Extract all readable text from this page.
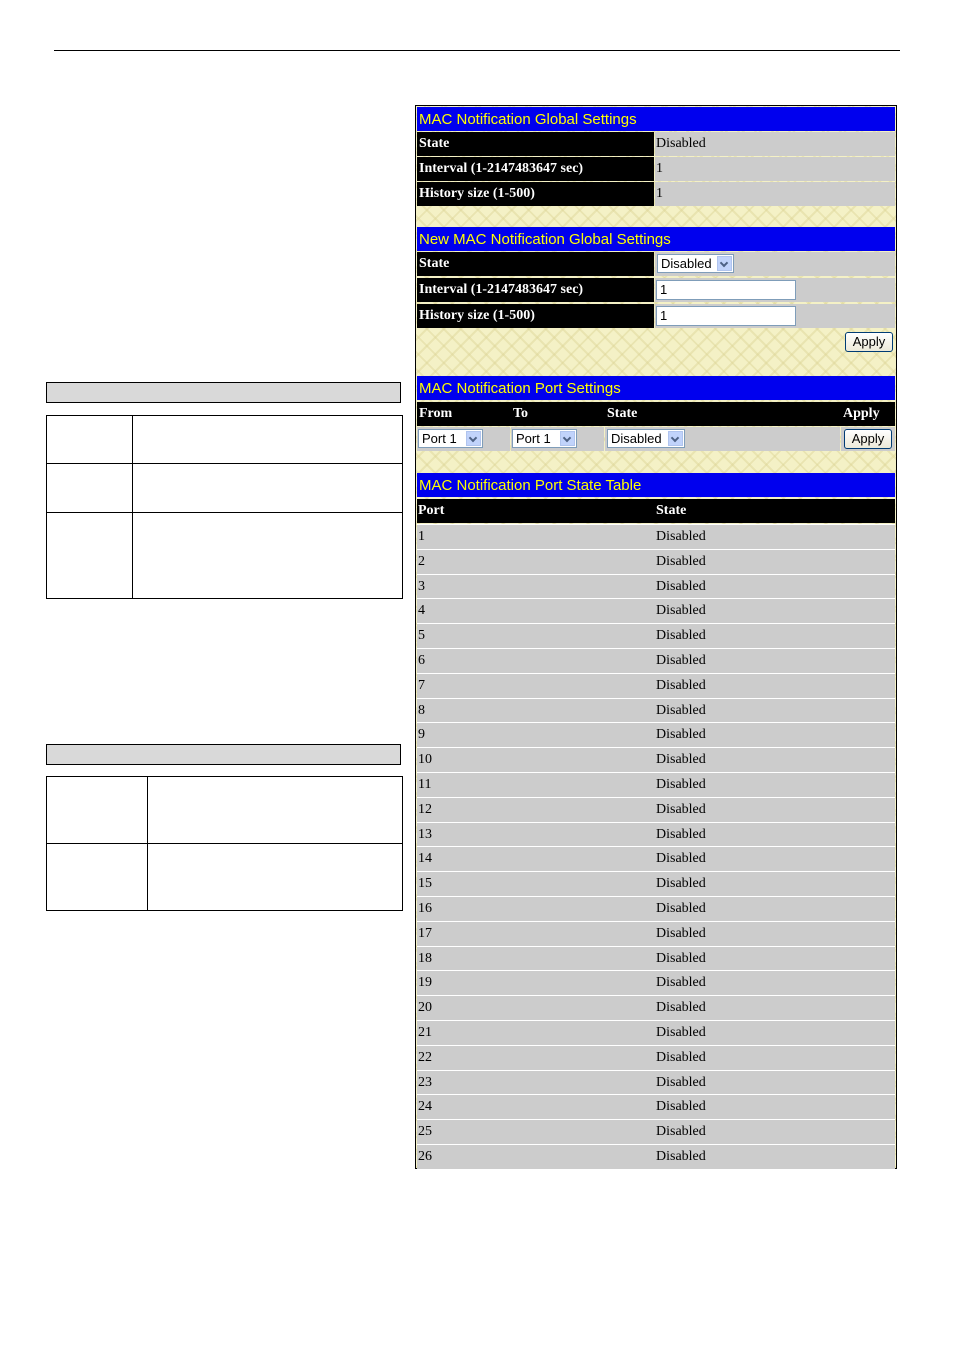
MAC Notification Global Settings
State	Disabled
Interval (1-2147483647 sec)	1
History size (1-500)	1
New MAC Notification Global Settings
State	Disabled
Interval (1-2147483647 sec)	1
History size (1-500)	1
Apply
MAC Notification Port Settings
From	To	State	Apply
Port 1	Port 1	Disabled	Apply
MAC Notification Port State Table
Port	State
1	Disabled
2	Disabled
3	Disabled
4	Disabled
5	Disabled
6	Disabled
7	Disabled
8	Disabled
9	Disabled
10	Disabled
11	Disabled
12	Disabled
13	Disabled
14	Disabled
15	Disabled
16	Disabled
17	Disabled
18	Disabled
19	Disabled
20	Disabled
21	Disabled
22	Disabled
23	Disabled
24	Disabled
25	Disabled
26	Disabled
